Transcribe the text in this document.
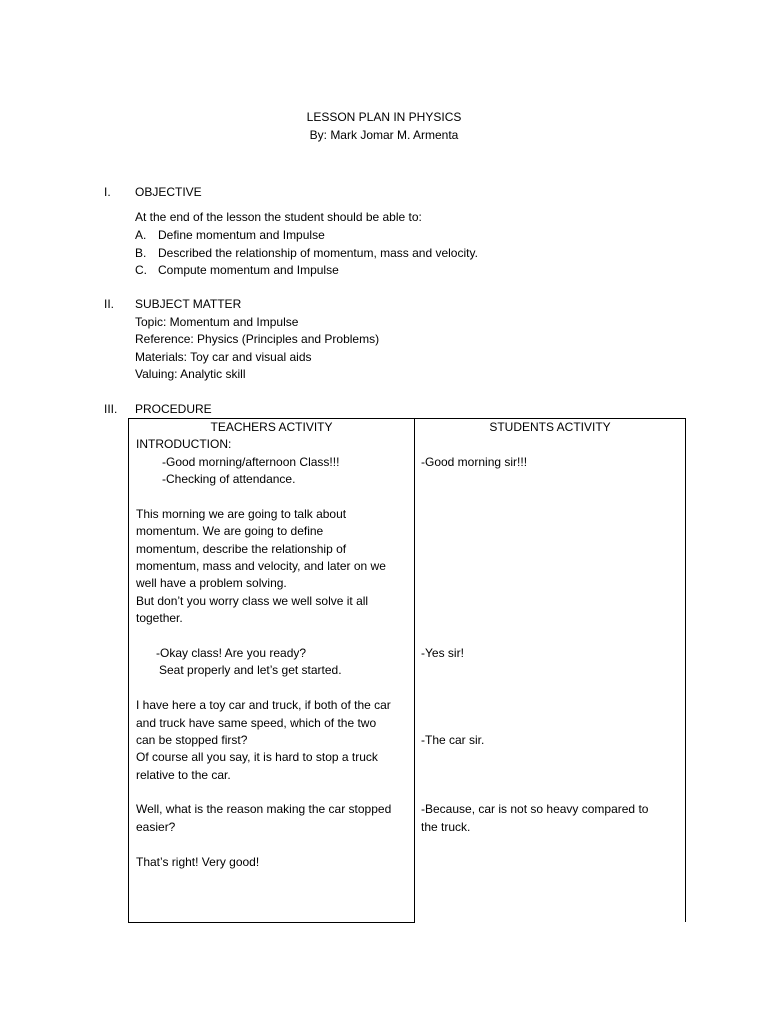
LESSON PLAN IN PHYSICS
By: Mark Jomar M. Armenta
I. OBJECTIVE
At the end of the lesson the student should be able to:
A. Define momentum and Impulse
B. Described the relationship of momentum, mass and velocity.
C. Compute momentum and Impulse
II. SUBJECT MATTER
Topic: Momentum and Impulse
Reference: Physics (Principles and Problems)
Materials: Toy car and visual aids
Valuing: Analytic skill
III. PROCEDURE
TEACHERS ACTIVITY	STUDENTS ACTIVITY
INTRODUCTION:
-Good morning/afternoon Class!!!
-Checking of attendance.
This morning we are going to talk about
momentum. We are going to define
momentum, describe the relationship of
momentum, mass and velocity, and later on we
well have a problem solving.
But don’t you worry class we well solve it all
together.
-Okay class! Are you ready?
Seat properly and let’s get started.
I have here a toy car and truck, if both of the car
and truck have same speed, which of the two
can be stopped first?
Of course all you say, it is hard to stop a truck
relative to the car.
Well, what is the reason making the car stopped
easier?
That’s right! Very good!
-Good morning sir!!!
-Yes sir!
-The car sir.
-Because, car is not so heavy compared to
the truck.
